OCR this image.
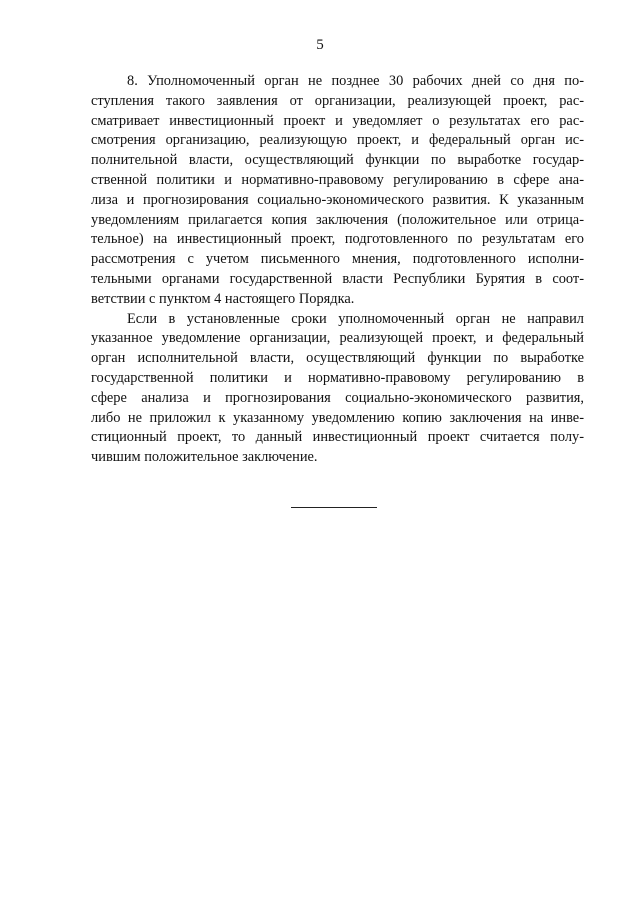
5
8. Уполномоченный орган не позднее 30 рабочих дней со дня по-
ступления такого заявления от организации, реализующей проект, рас-
сматривает инвестиционный проект и уведомляет о результатах его рас-
смотрения организацию, реализующую проект, и федеральный орган ис-
полнительной власти, осуществляющий функции по выработке государ-
ственной политики и нормативно-правовому регулированию в сфере ана-
лиза и прогнозирования социально-экономического развития. К указанным
уведомлениям прилагается копия заключения (положительное или отрица-
тельное) на инвестиционный проект, подготовленного по результатам его
рассмотрения с учетом письменного мнения, подготовленного исполни-
тельными органами государственной власти Республики Бурятия в соот-
ветствии с пунктом 4 настоящего Порядка.
Если в установленные сроки уполномоченный орган не направил
указанное уведомление организации, реализующей проект, и федеральный
орган исполнительной власти, осуществляющий функции по выработке
государственной политики и нормативно-правовому регулированию в
сфере анализа и прогнозирования социально-экономического развития,
либо не приложил к указанному уведомлению копию заключения на инве-
стиционный проект, то данный инвестиционный проект считается полу-
чившим положительное заключение.
